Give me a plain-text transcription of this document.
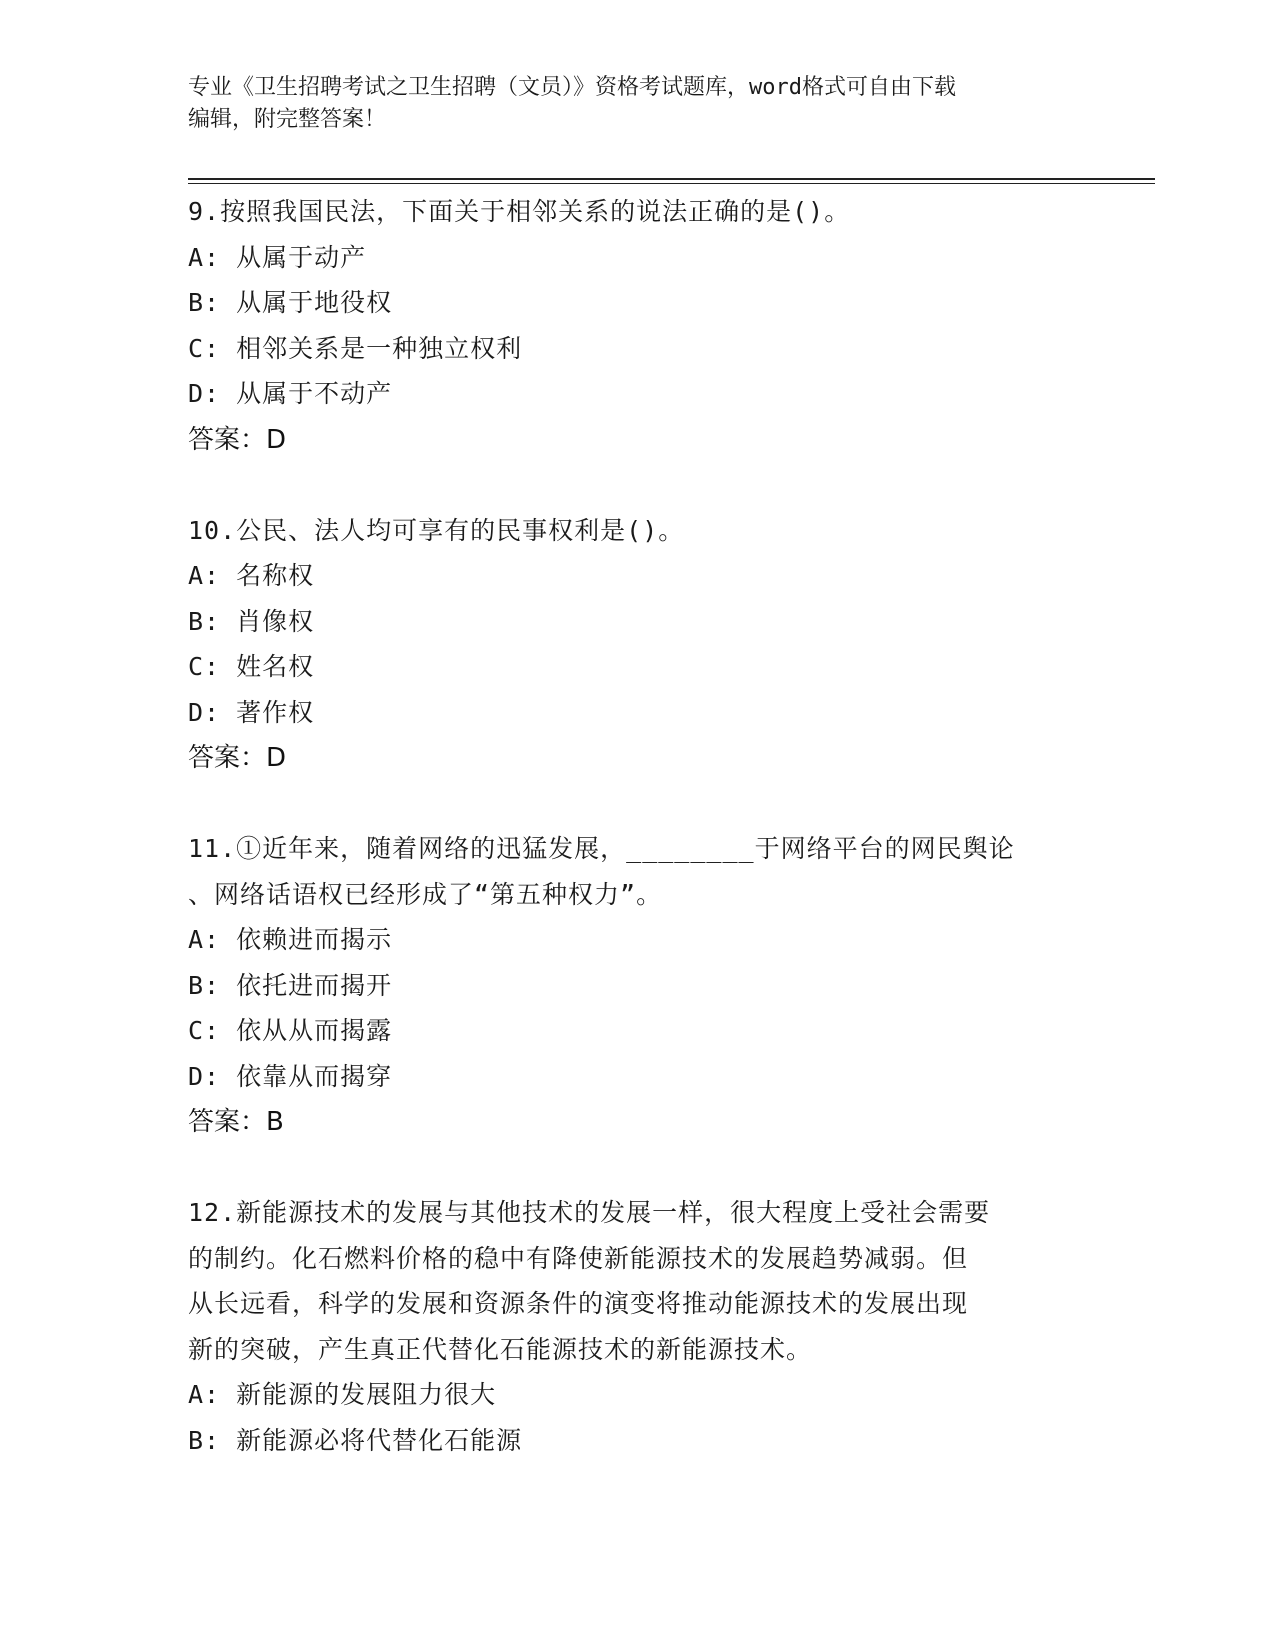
专业《卫生招聘考试之卫生招聘（文员）》资格考试题库，word格式可自由下载
编辑，附完整答案！
9.按照我国民法，下面关于相邻关系的说法正确的是()。
A: 从属于动产
B: 从属于地役权
C: 相邻关系是一种独立权利
D: 从属于不动产
答案：D
10.公民、法人均可享有的民事权利是()。
A: 名称权
B: 肖像权
C: 姓名权
D: 著作权
答案：D
11.①近年来，随着网络的迅猛发展，________于网络平台的网民舆论
、网络话语权已经形成了“第五种权力”。
A: 依赖进而揭示
B: 依托进而揭开
C: 依从从而揭露
D: 依靠从而揭穿
答案：B
12.新能源技术的发展与其他技术的发展一样，很大程度上受社会需要
的制约。化石燃料价格的稳中有降使新能源技术的发展趋势减弱。但
从长远看，科学的发展和资源条件的演变将推动能源技术的发展出现
新的突破，产生真正代替化石能源技术的新能源技术。
A: 新能源的发展阻力很大
B: 新能源必将代替化石能源
